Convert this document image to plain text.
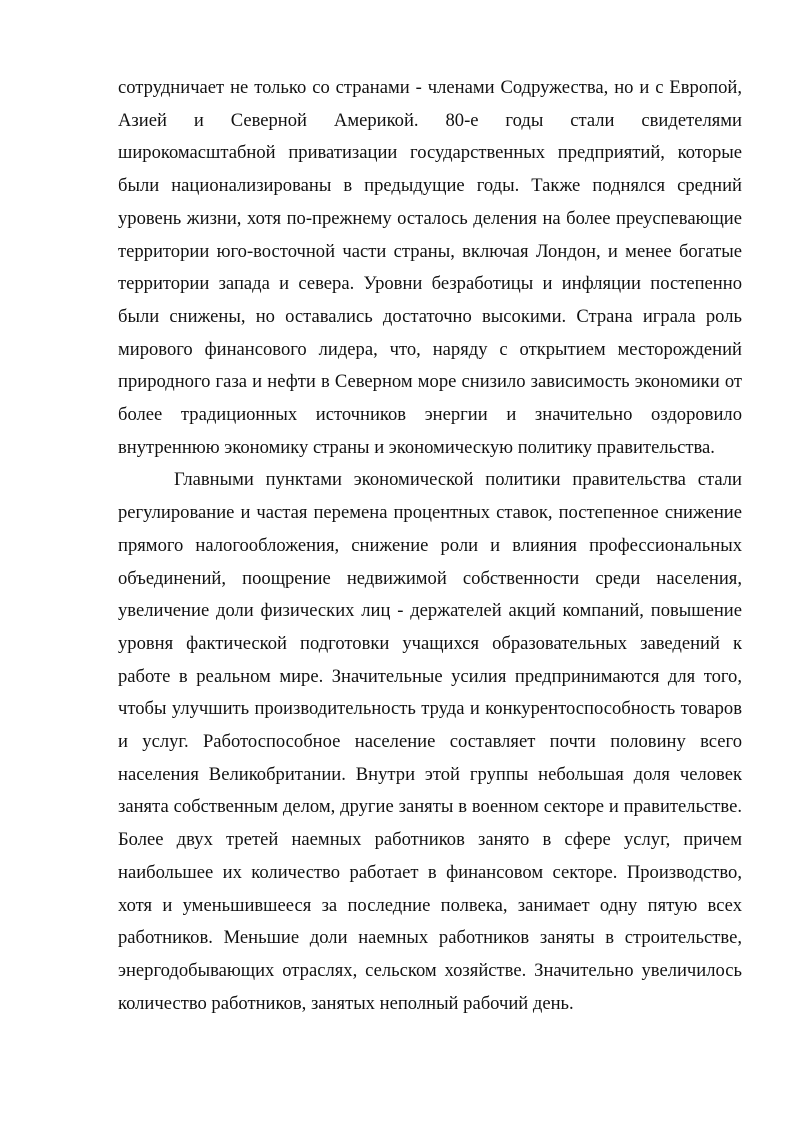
сотрудничает не только со странами - членами Содружества, но и с Европой, Азией и Северной Америкой. 80-е годы стали свидетелями широкомасштабной приватизации государственных предприятий, которые были национализированы в предыдущие годы. Также поднялся средний уровень жизни, хотя по-прежнему осталось деления на более преуспевающие территории юго-восточной части страны, включая Лондон, и менее богатые территории запада и севера. Уровни безработицы и инфляции постепенно были снижены, но оставались достаточно высокими. Страна играла роль мирового финансового лидера, что, наряду с открытием месторождений природного газа и нефти в Северном море снизило зависимость экономики от более традиционных источников энергии и значительно оздоровило внутреннюю экономику страны и экономическую политику правительства.

Главными пунктами экономической политики правительства стали регулирование и частая перемена процентных ставок, постепенное снижение прямого налогообложения, снижение роли и влияния профессиональных объединений, поощрение недвижимой собственности среди населения, увеличение доли физических лиц - держателей акций компаний, повышение уровня фактической подготовки учащихся образовательных заведений к работе в реальном мире. Значительные усилия предпринимаются для того, чтобы улучшить производительность труда и конкурентоспособность товаров и услуг. Работоспособное население составляет почти половину всего населения Великобритании. Внутри этой группы небольшая доля человек занята собственным делом, другие заняты в военном секторе и правительстве. Более двух третей наемных работников занято в сфере услуг, причем наибольшее их количество работает в финансовом секторе. Производство, хотя и уменьшившееся за последние полвека, занимает одну пятую всех работников. Меньшие доли наемных работников заняты в строительстве, энергодобывающих отраслях, сельском хозяйстве. Значительно увеличилось количество работников, занятых неполный рабочий день.
